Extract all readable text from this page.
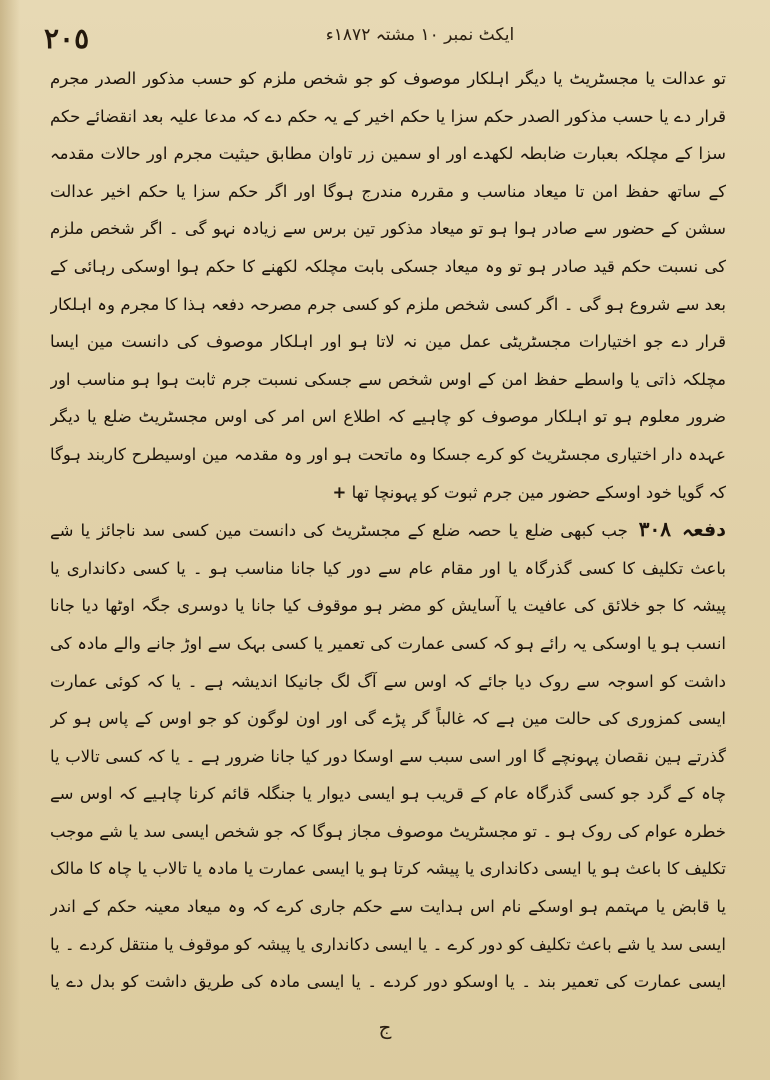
٢٠٥	ایکٹ نمبر ۱۰ مشتہ ۱۸۷۲ء

تو عدالت یا مجسٹریٹ یا دیگر اہلکار موصوف کو جو شخص ملزم کو حسب مذکور الصدر مجرم قرار دے یا حسب مذکور الصدر حکم سزا یا حکم اخیر کے یہ حکم دے کہ مدعا علیہ بعد انقضائے حکم سزا کے مچلکہ بعبارت ضابطہ لکھدے اور او سمین زر تاوان مطابق حیثیت مجرم اور حالات مقدمہ کے ساتھ حفظ امن تا میعاد مناسب و مقررہ مندرج ہوگا اور اگر حکم سزا یا حکم اخیر عدالت سشن کے حضور سے صادر ہوا ہو تو میعاد مذکور تین برس سے زیادہ نہو گی ۔ اگر شخص ملزم کی نسبت حکم قید صادر ہو تو وہ میعاد جسکی بابت مچلکہ لکھنے کا حکم ہوا اوسکی رہائی کے بعد سے شروع ہو گی ۔ اگر کسی شخص ملزم کو کسی جرم مصرحہ دفعہ ہذا کا مجرم وہ اہلکار قرار دے جو اختیارات مجسٹریٹی عمل مین نہ لاتا ہو اور اہلکار موصوف کی دانست مین ایسا مچلکہ ذاتی یا واسطے حفظ امن کے اوس شخص سے جسکی نسبت جرم ثابت ہوا ہو مناسب اور ضرور معلوم ہو تو اہلکار موصوف کو چاہیے کہ اطلاع اس امر کی اوس مجسٹریٹ ضلع یا دیگر عہدہ دار اختیاری مجسٹریٹ کو کرے جسکا وہ ماتحت ہو اور وہ مقدمہ مین اوسیطرح کاربند ہوگا کہ گویا خود اوسکے حضور مین جرم ثبوت کو پہونچا تھا +

دفعہ ٣٠٨ جب کبھی ضلع یا حصہ ضلع کے مجسٹریٹ کی دانست مین کسی سد ناجائز یا شے باعث تکلیف کا کسی گذرگاہ یا اور مقام عام سے دور کیا جانا مناسب ہو ۔ یا کسی دکانداری یا پیشہ کا جو خلائق کی عافیت یا آسایش کو مضر ہو موقوف کیا جانا یا دوسری جگہ اوٹھا دیا جانا انسب ہو یا اوسکی یہ رائے ہو کہ کسی عمارت کی تعمیر یا کسی بہک سے اوڑ جانے والے مادہ کی داشت کو اسوجہ سے روک دیا جائے کہ اوس سے آگ لگ جانیکا اندیشہ ہے ۔ یا کہ کوئی عمارت ایسی کمزوری کی حالت مین ہے کہ غالباً گر پڑے گی اور اون لوگون کو جو اوس کے پاس ہو کر گذرتے ہین نقصان پہونچے گا اور اسی سبب سے اوسکا دور کیا جانا ضرور ہے ۔ یا کہ کسی تالاب یا چاہ کے گرد جو کسی گذرگاہ عام کے قریب ہو ایسی دیوار یا جنگلہ قائم کرنا چاہیے کہ اوس سے خطرہ عوام کی روک ہو ۔ تو مجسٹریٹ موصوف مجاز ہوگا کہ جو شخص ایسی سد یا شے موجب تکلیف کا باعث ہو یا ایسی دکانداری یا پیشہ کرتا ہو یا ایسی عمارت یا مادہ یا تالاب یا چاہ کا مالک یا قابض یا مہتمم ہو اوسکے نام اس ہدایت سے حکم جاری کرے کہ وہ میعاد معینہ حکم کے اندر ایسی سد یا شے باعث تکلیف کو دور کرے ۔ یا ایسی دکانداری یا پیشہ کو موقوف یا منتقل کردے ۔ یا ایسی عمارت کی تعمیر بند ۔ یا اوسکو دور کردے ۔ یا ایسی مادہ کی طریق داشت کو بدل دے یا

ج
